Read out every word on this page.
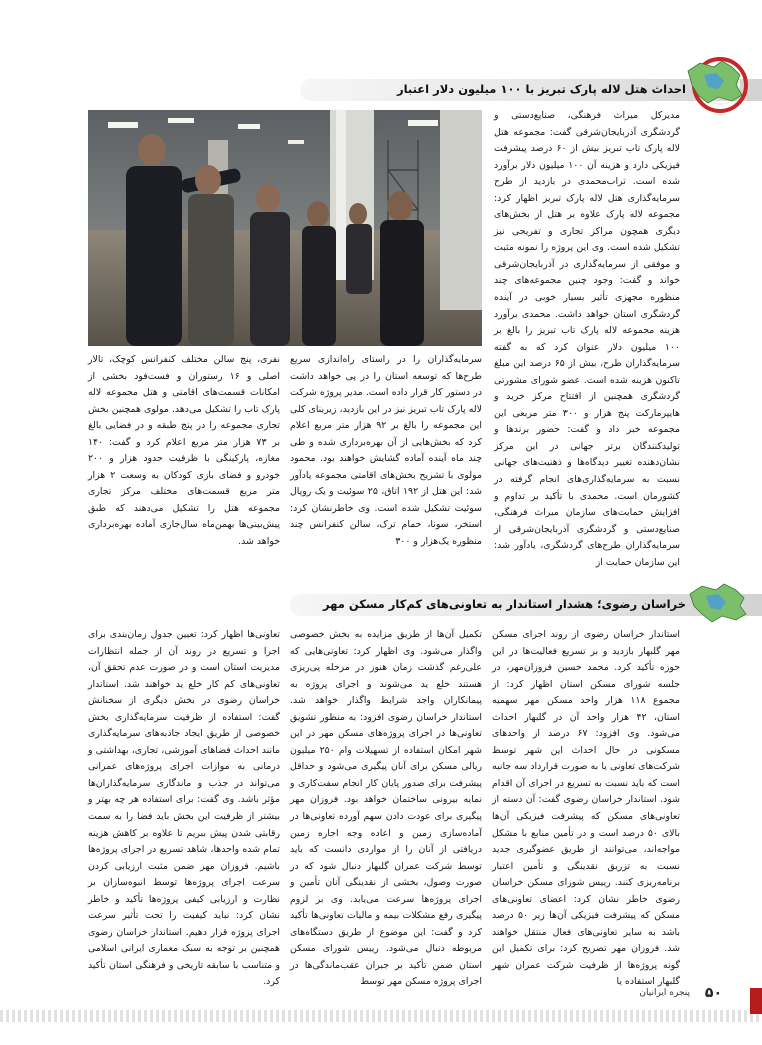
احداث هتل لاله پارک تبریز با ۱۰۰ میلیون دلار اعتبار

مدیرکل میراث فرهنگی، صنایع‌دستی و گردشگری آذربایجان‌شرقی گفت: مجموعه هتل لاله پارک تاب تبریز بیش از ۶۰ درصد پیشرفت فیزیکی دارد و هزینه آن ۱۰۰ میلیون دلار برآورد شده است. تراب‌محمدی در بازدید از طرح سرمایه‌گذاری هتل لاله پارک تبریز اظهار کرد: مجموعه لاله پارک علاوه بر هتل از بخش‌های دیگری همچون مراکز تجاری و تفریحی نیز تشکیل شده است. وی این پروژه را نمونه مثبت و موفقی از سرمایه‌گذاری در آذربایجان‌شرقی خواند و گفت: وجود چنین مجموعه‌های چند منظوره مجهزی تأثیر بسیار خوبی در آینده گردشگری استان خواهد داشت. محمدی برآورد هزینه مجموعه لاله پارک تاب تبریز را بالغ بر ۱۰۰ میلیون دلار عنوان کرد که به گفته سرمایه‌گذاران طرح، بیش از ۶۵ درصد این مبلغ تاکنون هزینه شده است. عضو شورای مشورتی گردشگری همچنین از افتتاح مرکز خرید و هایپرمارکت پنج هزار و ۳۰۰ متر مربعی این مجموعه خبر داد و گفت: حضور برندها و تولیدکنندگان برتر جهانی در این مرکز نشان‌دهنده تغییر دیدگاه‌ها و ذهنیت‌های جهانی نسبت به سرمایه‌گذاری‌های انجام گرفته در کشورمان است. محمدی با تأکید بر تداوم و افزایش حمایت‌های سازمان میراث فرهنگی، صنایع‌دستی و گردشگری آذربایجان‌شرقی از سرمایه‌گذاران طرح‌های گردشگری، یادآور شد: این سازمان حمایت از

سرمایه‌گذاران را در راستای راه‌اندازی سریع طرح‌ها که توسعه استان را در پی خواهد داشت در دستور کار قرار داده است. مدیر پروژه شرکت لاله پارک تاب تبریز نیز در این بازدید، زیربنای کلی این مجموعه را بالغ بر ۹۲ هزار متر مربع اعلام کرد که بخش‌هایی از آن بهره‌برداری شده و طی چند ماه آینده آماده گشایش خواهند بود. محمود مولوی با تشریح بخش‌های اقامتی مجموعه یادآور شد: این هتل از ۱۹۲ اتاق، ۲۵ سوئیت و یک رویال سوئیت تشکیل شده است. وی خاطرنشان کرد: استخر، سونا، حمام ترک، سالن کنفرانس چند منظوره یک‌هزار و ۳۰۰

نفری، پنج سالن مختلف کنفرانس کوچک، تالار اصلی و ۱۶ رستوران و فست‌فود بخشی از امکانات قسمت‌های اقامتی و هتل مجموعه لاله پارک تاب را تشکیل می‌دهد. مولوی همچنین بخش تجاری مجموعه را در پنج طبقه و در فضایی بالغ بر ۷۳ هزار متر مربع اعلام کرد و گفت: ۱۴۰ مغازه، پارکینگی با ظرفیت حدود هزار و ۲۰۰ خودرو و فضای بازی کودکان به وسعت ۲ هزار متر مربع قسمت‌های مختلف مرکز تجاری مجموعه هتل را تشکیل می‌دهند که طبق پیش‌بینی‌ها بهمن‌ماه سال‌جاری آماده بهره‌برداری خواهد شد.

خراسان رضوی؛ هشدار استاندار به تعاونی‌های کم‌کار مسکن مهر

استاندار خراسان رضوی از روند اجرای مسکن مهر گلبهار بازدید و بر تسریع فعالیت‌ها در این حوزه تأکید کرد. محمد حسین فروزان‌مهر، در جلسه شورای مسکن استان اظهار کرد: از مجموع ۱۱۸ هزار واحد مسکن مهر سهمیه استان، ۴۲ هزار واحد آن در گلبهار احداث می‌شود. وی افزود: ۶۷ درصد از واحدهای مسکونی در حال احداث این شهر توسط شرکت‌های تعاونی یا به صورت قرارداد سه جانبه است که باید نسبت به تسریع در اجرای آن اقدام شود. استاندار خراسان رضوی گفت: آن دسته از تعاونی‌های مسکن که پیشرفت فیزیکی آن‌ها بالای ۵۰ درصد است و در تأمین منابع با مشکل مواجه‌اند، می‌توانند از طریق عضوگیری جدید نسبت به تزریق نقدینگی و تأمین اعتبار برنامه‌ریزی کنند. رییس شورای مسکن خراسان رضوی خاطر نشان کرد: اعضای تعاونی‌های مسکن که پیشرفت فیزیکی آن‌ها زیر ۵۰ درصد باشد به سایر تعاونی‌های فعال منتقل خواهند شد. فروزان مهر تصریح کرد: برای تکمیل این گونه پروژه‌ها از ظرفیت شرکت عمران شهر گلبهار استفاده یا

تکمیل آن‌ها از طریق مزایده به بخش خصوصی واگذار می‌شود. وی اظهار کرد: تعاونی‌هایی که علی‌رغم گذشت زمان هنوز در مرحله پی‌ریزی هستند خلع ید می‌شوند و اجرای پروژه به پیمانکاران واجد شرایط واگذار خواهد شد. استاندار خراسان رضوی افزود: به منظور تشویق تعاونی‌ها در اجرای پروژه‌های مسکن مهر در این شهر امکان استفاده از تسهیلات وام ۲۵۰ میلیون ریالی مسکن برای آنان پیگیری می‌شود و حداقل پیشرفت برای صدور پایان کار انجام سفت‌کاری و نمایه بیرونی ساختمان خواهد بود. فروزان مهر پیگیری برای عودت دادن سهم آورده تعاونی‌ها در آماده‌سازی زمین و اعاده وجه اجاره زمین دریافتی از آنان را از مواردی دانست که باید توسط شرکت عمران گلبهار دنبال شود که در صورت وصول، بخشی از نقدینگی آنان تأمین و اجرای پروژه‌ها سرعت می‌یابد. وی بر لزوم پیگیری رفع مشکلات بیمه و مالیات تعاونی‌ها تأکید کرد و گفت: این موضوع از طریق دستگاه‌های مربوطه دنبال می‌شود. رییس شورای مسکن استان ضمن تأکید بر جبران عقب‌ماندگی‌ها در اجرای پروژه مسکن مهر توسط

تعاونی‌ها اظهار کرد: تعیین جدول زمان‌بندی برای اجرا و تسریع در روند آن از جمله انتظارات مدیریت استان است و در صورت عدم تحقق آن، تعاونی‌های کم کار خلع ید خواهند شد. استاندار خراسان رضوی در بخش دیگری از سخنانش گفت: استفاده از ظرفیت سرمایه‌گذاری بخش خصوصی از طریق ایجاد جاذبه‌های سرمایه‌گذاری مانند احداث فضاهای آموزشی، تجاری، بهداشتی و درمانی به موازات اجرای پروژه‌های عمرانی می‌تواند در جذب و ماندگاری سرمایه‌گذاران‌ها مؤثر باشد. وی گفت: برای استفاده هر چه بهتر و بیشتر از ظرفیت این بخش باید فضا را به سمت رقابتی شدن پیش ببریم تا علاوه بر کاهش هزینه تمام شده واحدها، شاهد تسریع در اجرای پروژه‌ها باشیم. فروزان مهر ضمن مثبت ارزیابی کردن سرعت اجرای پروژه‌ها توسط انبوه‌سازان بر نظارت و ارزیابی کیفی پروژه‌ها تأکید و خاطر نشان کرد: نباید کیفیت را تحت تأثیر سرعت اجرای پروژه قرار دهیم. استاندار خراسان رضوی همچنین بر توجه به سبک معماری ایرانی اسلامی و متناسب با سابقه تاریخی و فرهنگی استان تأکید کرد.

۵۰
پنجره ایرانیان
